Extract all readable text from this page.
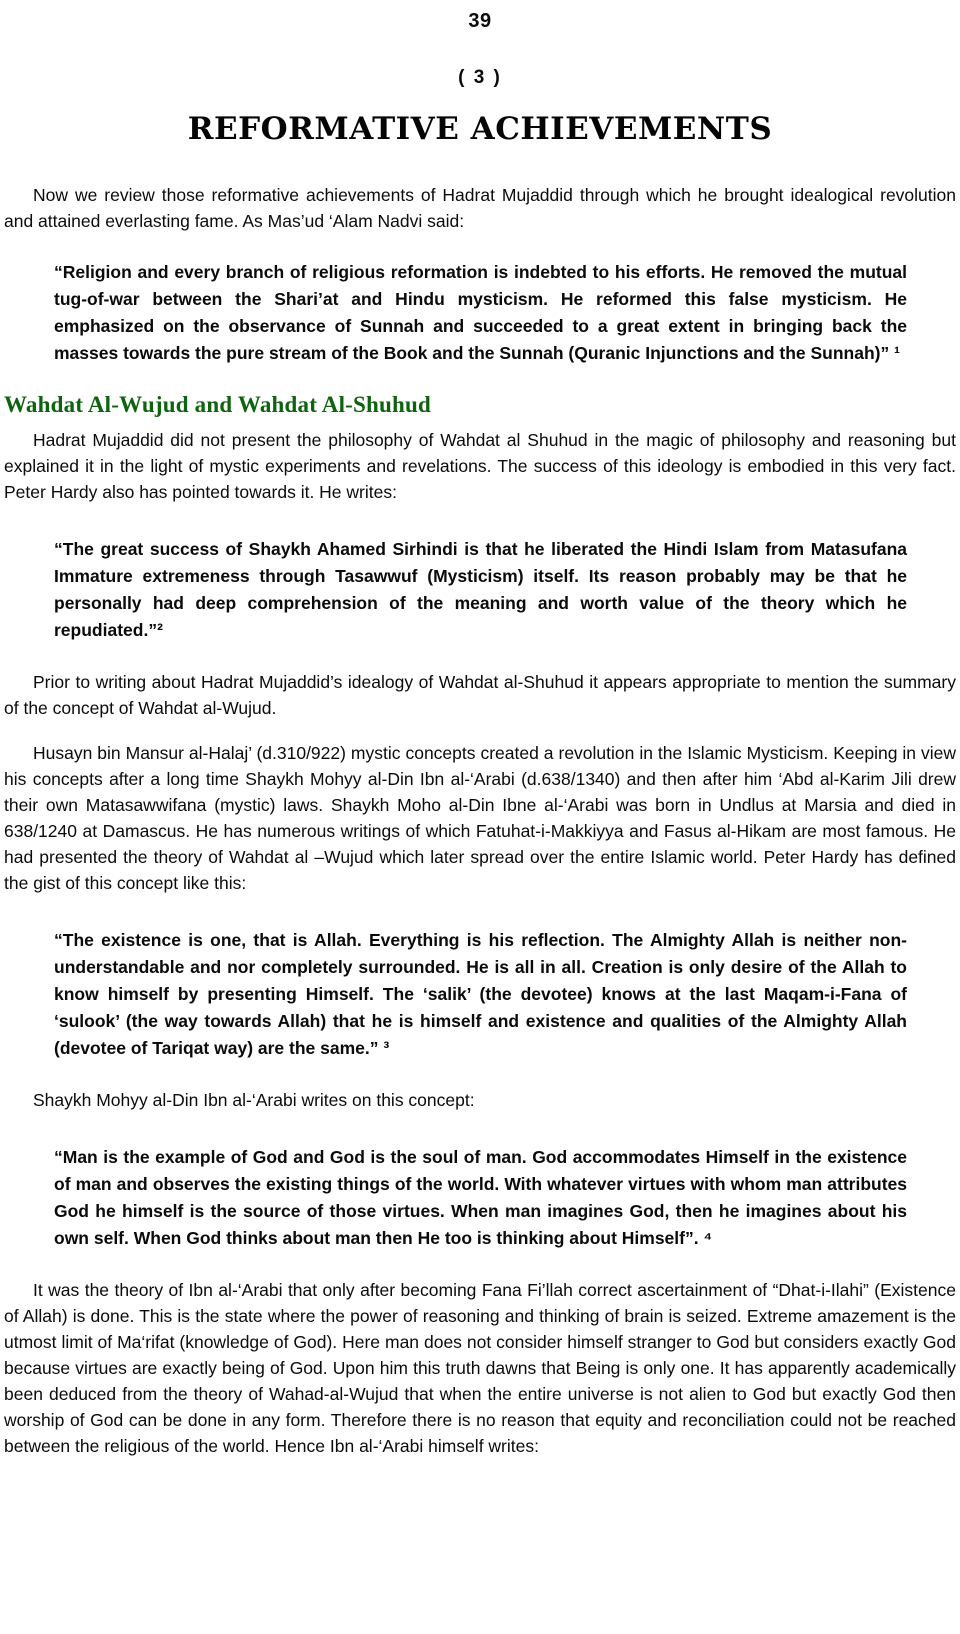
39
( 3 )
REFORMATIVE ACHIEVEMENTS

Now we review those reformative achievements of Hadrat Mujaddid through which he brought idealogical revolution and attained everlasting fame. As Mas’ud ‘Alam Nadvi said:

“Religion and every branch of religious reformation is indebted to his efforts. He removed the mutual tug-of-war between the Shari’at and Hindu mysticism. He reformed this false mysticism. He emphasized on the observance of Sunnah and succeeded to a great extent in bringing back the masses towards the pure stream of the Book and the Sunnah (Quranic Injunctions and the Sunnah)” ¹
Wahdat Al-Wujud and Wahdat Al-Shuhud

Hadrat Mujaddid did not present the philosophy of Wahdat al Shuhud in the magic of philosophy and reasoning but explained it in the light of mystic experiments and revelations. The success of this ideology is embodied in this very fact. Peter Hardy also has pointed towards it. He writes:

“The great success of Shaykh Ahamed Sirhindi is that he liberated the Hindi Islam from Matasufana Immature extremeness through Tasawwuf (Mysticism) itself. Its reason probably may be that he personally had deep comprehension of the meaning and worth value of the theory which he repudiated.”²

Prior to writing about Hadrat Mujaddid’s idealogy of Wahdat al-Shuhud it appears appropriate to mention the summary of the concept of Wahdat al-Wujud.

Husayn bin Mansur al-Halaj’ (d.310/922) mystic concepts created a revolution in the Islamic Mysticism. Keeping in view his concepts after a long time Shaykh Mohyy al-Din Ibn al-‘Arabi (d.638/1340) and then after him ‘Abd al-Karim Jili drew their own Matasawwifana (mystic) laws. Shaykh Moho al-Din Ibne al-‘Arabi was born in Undlus at Marsia and died in 638/1240 at Damascus. He has numerous writings of which Fatuhat-i-Makkiyya and Fasus al-Hikam are most famous. He had presented the theory of Wahdat al –Wujud which later spread over the entire Islamic world. Peter Hardy has defined the gist of this concept like this:

“The existence is one, that is Allah. Everything is his reflection. The Almighty Allah is neither non-understandable and nor completely surrounded. He is all in all. Creation is only desire of the Allah to know himself by presenting Himself. The ‘salik’ (the devotee) knows at the last Maqam-i-Fana of ‘sulook’ (the way towards Allah) that he is himself and existence and qualities of the Almighty Allah (devotee of Tariqat way) are the same.” ³

Shaykh Mohyy al-Din Ibn al-‘Arabi writes on this concept:

“Man is the example of God and God is the soul of man. God accommodates Himself in the existence of man and observes the existing things of the world. With whatever virtues with whom man attributes God he himself is the source of those virtues. When man imagines God, then he imagines about his own self. When God thinks about man then He too is thinking about Himself”. ⁴

It was the theory of Ibn al-‘Arabi that only after becoming Fana Fi’llah correct ascertainment of “Dhat-i-Ilahi” (Existence of Allah) is done. This is the state where the power of reasoning and thinking of brain is seized. Extreme amazement is the utmost limit of Ma‘rifat (knowledge of God). Here man does not consider himself stranger to God but considers exactly God because virtues are exactly being of God. Upon him this truth dawns that Being is only one. It has apparently academically been deduced from the theory of Wahad-al-Wujud that when the entire universe is not alien to God but exactly God then worship of God can be done in any form. Therefore there is no reason that equity and reconciliation could not be reached between the religious of the world. Hence Ibn al-‘Arabi himself writes:
